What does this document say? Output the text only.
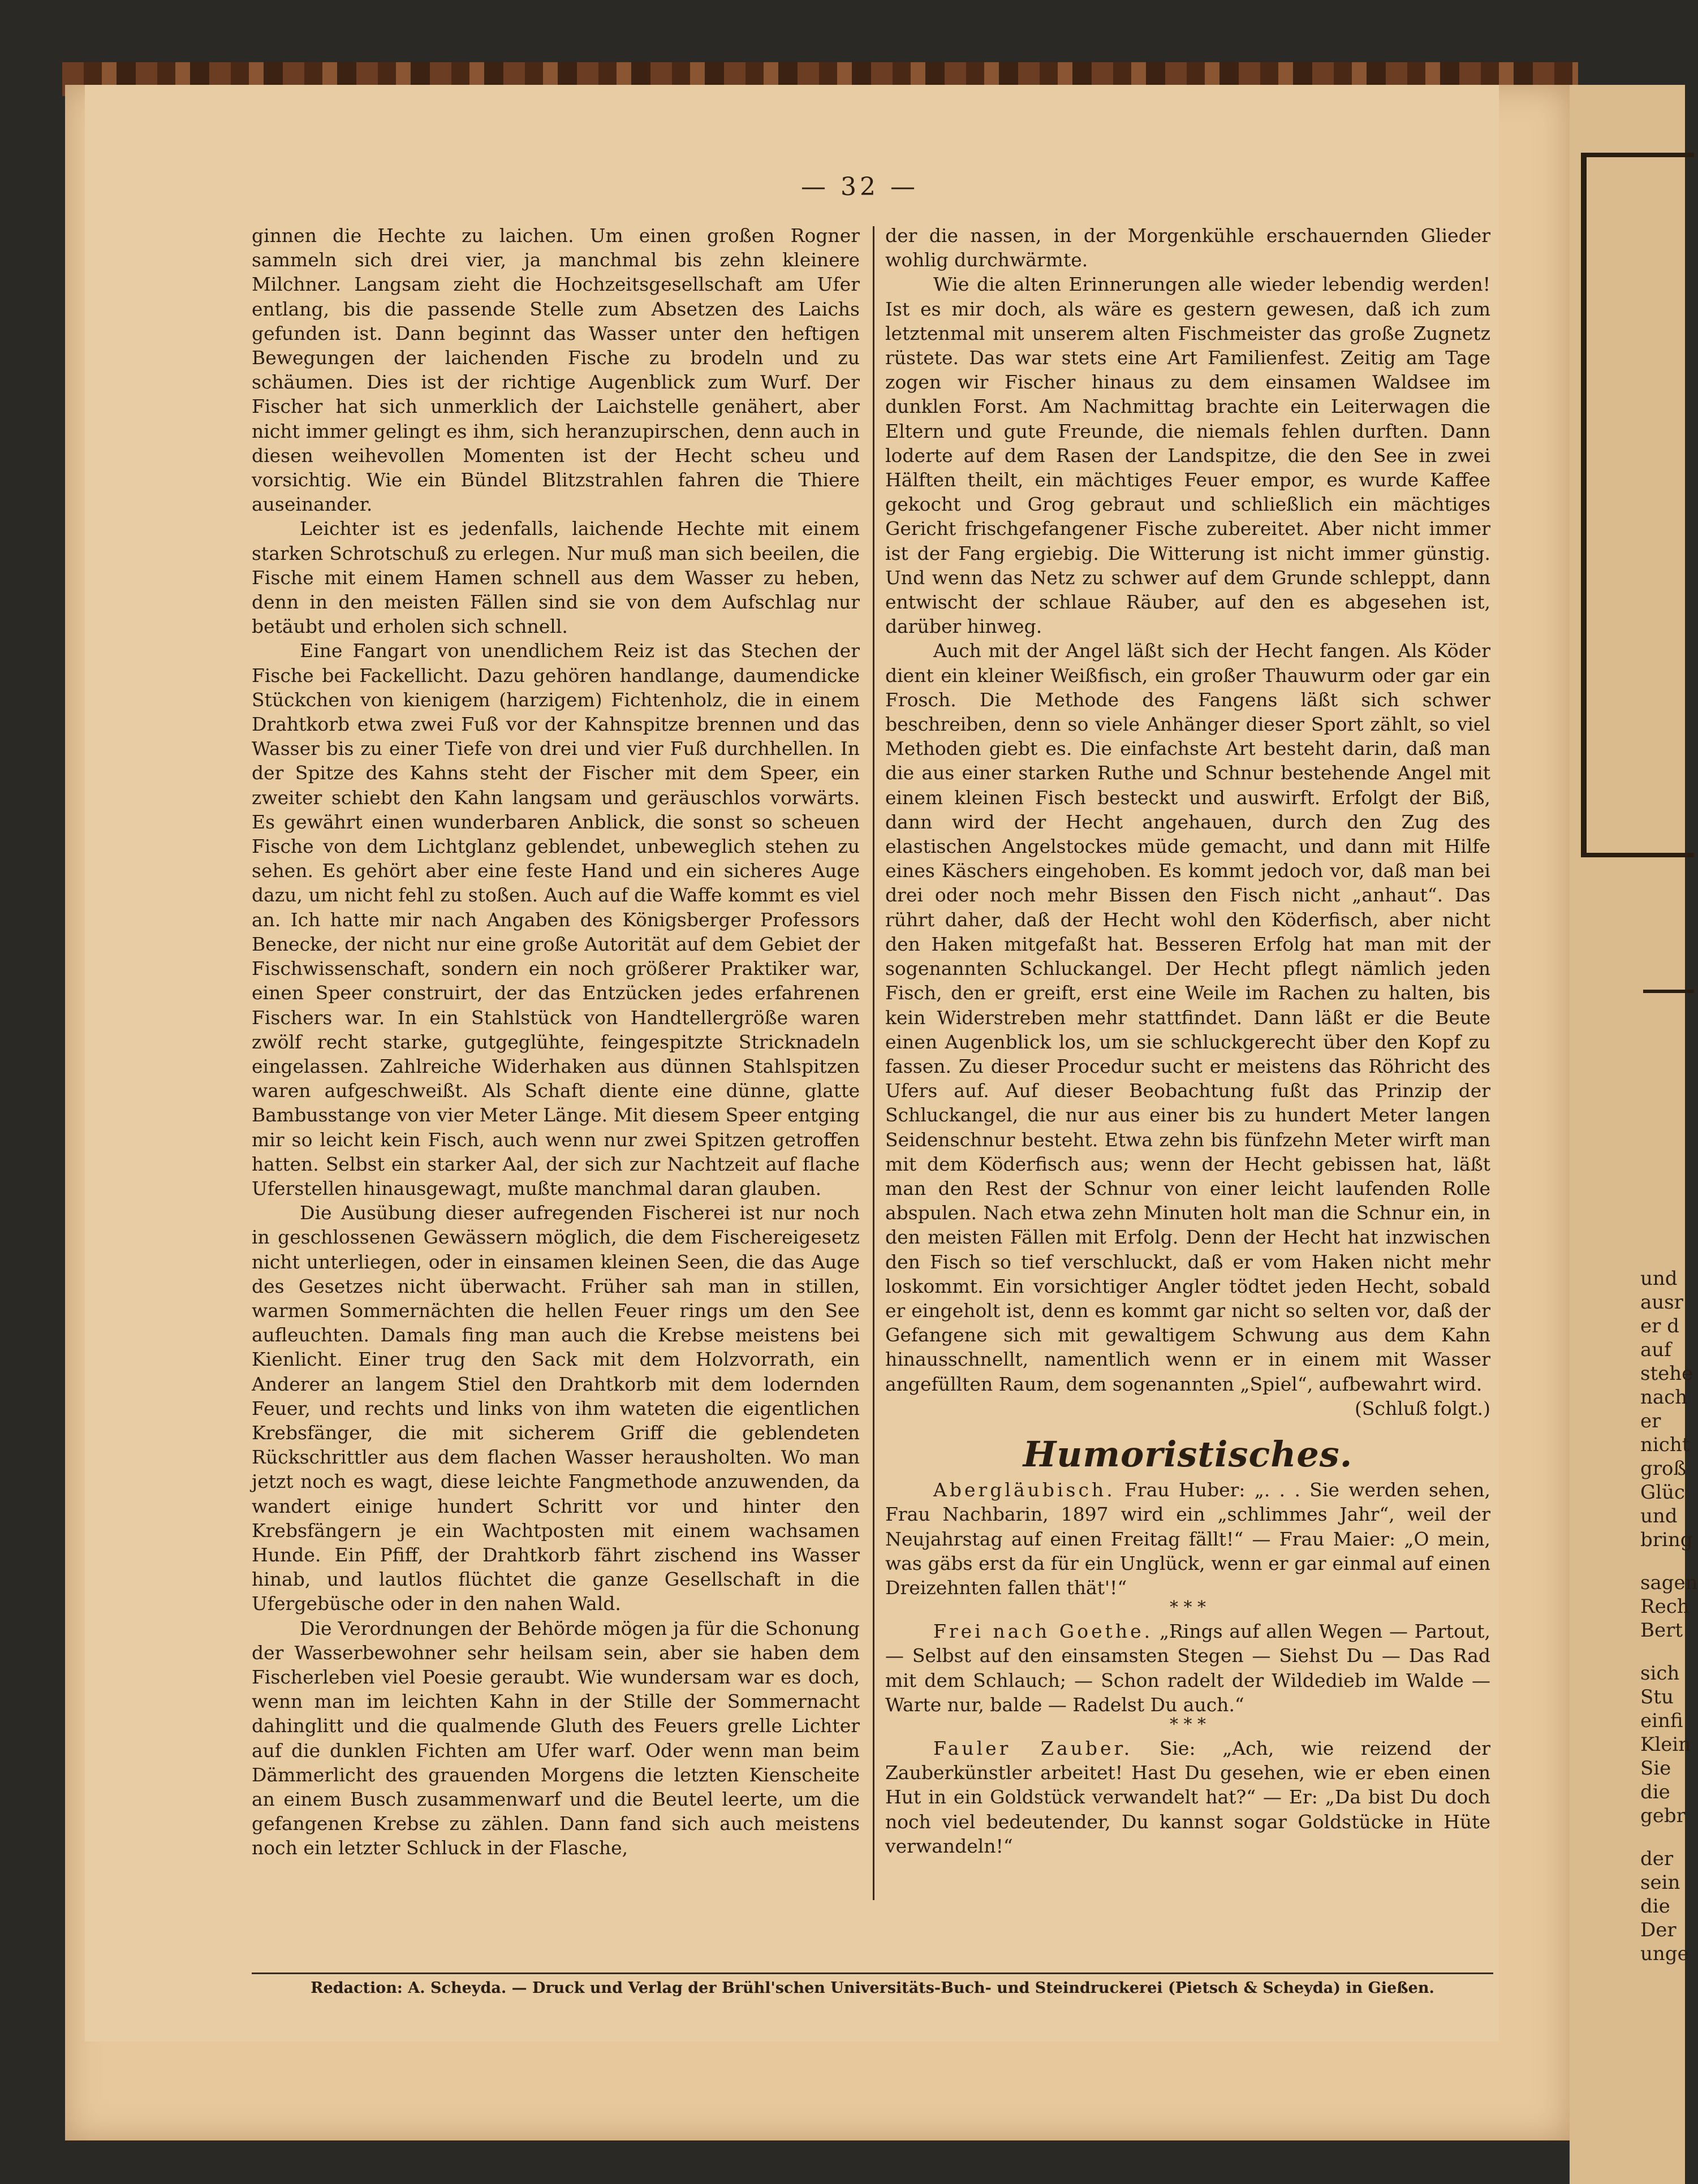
und
ausr
er d
auf
stehe
nach
er
nicht
groß
Glüc
und
bring
sagen
Rech
Bert
sich
Stu
einfi
Klein
Sie
die
gebr
der
sein
die
Der
unge
— 32 —

ginnen die Hechte zu laichen. Um einen großen Rogner sammeln sich drei vier, ja manchmal bis zehn kleinere Milchner. Langsam zieht die Hochzeitsgesellschaft am Ufer entlang, bis die passende Stelle zum Absetzen des Laichs gefunden ist. Dann beginnt das Wasser unter den heftigen Bewegungen der laichenden Fische zu brodeln und zu schäumen. Dies ist der richtige Augenblick zum Wurf. Der Fischer hat sich unmerklich der Laichstelle genähert, aber nicht immer gelingt es ihm, sich heranzupirschen, denn auch in diesen weihevollen Momenten ist der Hecht scheu und vorsichtig. Wie ein Bündel Blitzstrahlen fahren die Thiere auseinander.

Leichter ist es jedenfalls, laichende Hechte mit einem starken Schrotschuß zu erlegen. Nur muß man sich beeilen, die Fische mit einem Hamen schnell aus dem Wasser zu heben, denn in den meisten Fällen sind sie von dem Aufschlag nur betäubt und erholen sich schnell.

Eine Fangart von unendlichem Reiz ist das Stechen der Fische bei Fackellicht. Dazu gehören handlange, daumendicke Stückchen von kienigem (harzigem) Fichtenholz, die in einem Drahtkorb etwa zwei Fuß vor der Kahnspitze brennen und das Wasser bis zu einer Tiefe von drei und vier Fuß durchhellen. In der Spitze des Kahns steht der Fischer mit dem Speer, ein zweiter schiebt den Kahn langsam und geräuschlos vorwärts. Es gewährt einen wunderbaren Anblick, die sonst so scheuen Fische von dem Lichtglanz geblendet, unbeweglich stehen zu sehen. Es gehört aber eine feste Hand und ein sicheres Auge dazu, um nicht fehl zu stoßen. Auch auf die Waffe kommt es viel an. Ich hatte mir nach Angaben des Königsberger Professors Benecke, der nicht nur eine große Autorität auf dem Gebiet der Fischwissenschaft, sondern ein noch größerer Praktiker war, einen Speer construirt, der das Entzücken jedes erfahrenen Fischers war. In ein Stahlstück von Handtellergröße waren zwölf recht starke, gutgeglühte, feingespitzte Stricknadeln eingelassen. Zahlreiche Widerhaken aus dünnen Stahlspitzen waren aufgeschweißt. Als Schaft diente eine dünne, glatte Bambusstange von vier Meter Länge. Mit diesem Speer entging mir so leicht kein Fisch, auch wenn nur zwei Spitzen getroffen hatten. Selbst ein starker Aal, der sich zur Nachtzeit auf flache Uferstellen hinausgewagt, mußte manchmal daran glauben.

Die Ausübung dieser aufregenden Fischerei ist nur noch in geschlossenen Gewässern möglich, die dem Fischereigesetz nicht unterliegen, oder in einsamen kleinen Seen, die das Auge des Gesetzes nicht überwacht. Früher sah man in stillen, warmen Sommernächten die hellen Feuer rings um den See aufleuchten. Damals fing man auch die Krebse meistens bei Kienlicht. Einer trug den Sack mit dem Holzvorrath, ein Anderer an langem Stiel den Drahtkorb mit dem lodernden Feuer, und rechts und links von ihm wateten die eigentlichen Krebsfänger, die mit sicherem Griff die geblendeten Rückschrittler aus dem flachen Wasser herausholten. Wo man jetzt noch es wagt, diese leichte Fangmethode anzuwenden, da wandert einige hundert Schritt vor und hinter den Krebsfängern je ein Wachtposten mit einem wachsamen Hunde. Ein Pfiff, der Drahtkorb fährt zischend ins Wasser hinab, und lautlos flüchtet die ganze Gesellschaft in die Ufergebüsche oder in den nahen Wald.

Die Verordnungen der Behörde mögen ja für die Schonung der Wasserbewohner sehr heilsam sein, aber sie haben dem Fischerleben viel Poesie geraubt. Wie wundersam war es doch, wenn man im leichten Kahn in der Stille der Sommernacht dahinglitt und die qualmende Gluth des Feuers grelle Lichter auf die dunklen Fichten am Ufer warf. Oder wenn man beim Dämmerlicht des grauenden Morgens die letzten Kienscheite an einem Busch zusammenwarf und die Beutel leerte, um die gefangenen Krebse zu zählen. Dann fand sich auch meistens noch ein letzter Schluck in der Flasche,

der die nassen, in der Morgenkühle erschauernden Glieder wohlig durchwärmte.

Wie die alten Erinnerungen alle wieder lebendig werden! Ist es mir doch, als wäre es gestern gewesen, daß ich zum letztenmal mit unserem alten Fischmeister das große Zugnetz rüstete. Das war stets eine Art Familienfest. Zeitig am Tage zogen wir Fischer hinaus zu dem einsamen Waldsee im dunklen Forst. Am Nachmittag brachte ein Leiterwagen die Eltern und gute Freunde, die niemals fehlen durften. Dann loderte auf dem Rasen der Landspitze, die den See in zwei Hälften theilt, ein mächtiges Feuer empor, es wurde Kaffee gekocht und Grog gebraut und schließlich ein mächtiges Gericht frischgefangener Fische zubereitet. Aber nicht immer ist der Fang ergiebig. Die Witterung ist nicht immer günstig. Und wenn das Netz zu schwer auf dem Grunde schleppt, dann entwischt der schlaue Räuber, auf den es abgesehen ist, darüber hinweg.

Auch mit der Angel läßt sich der Hecht fangen. Als Köder dient ein kleiner Weißfisch, ein großer Thauwurm oder gar ein Frosch. Die Methode des Fangens läßt sich schwer beschreiben, denn so viele Anhänger dieser Sport zählt, so viel Methoden giebt es. Die einfachste Art besteht darin, daß man die aus einer starken Ruthe und Schnur bestehende Angel mit einem kleinen Fisch besteckt und auswirft. Erfolgt der Biß, dann wird der Hecht angehauen, durch den Zug des elastischen Angelstockes müde gemacht, und dann mit Hilfe eines Käschers eingehoben. Es kommt jedoch vor, daß man bei drei oder noch mehr Bissen den Fisch nicht „anhaut“. Das rührt daher, daß der Hecht wohl den Köderfisch, aber nicht den Haken mitgefaßt hat. Besseren Erfolg hat man mit der sogenannten Schluckangel. Der Hecht pflegt nämlich jeden Fisch, den er greift, erst eine Weile im Rachen zu halten, bis kein Widerstreben mehr stattfindet. Dann läßt er die Beute einen Augenblick los, um sie schluckgerecht über den Kopf zu fassen. Zu dieser Procedur sucht er meistens das Röhricht des Ufers auf. Auf dieser Beobachtung fußt das Prinzip der Schluckangel, die nur aus einer bis zu hundert Meter langen Seidenschnur besteht. Etwa zehn bis fünfzehn Meter wirft man mit dem Köderfisch aus; wenn der Hecht gebissen hat, läßt man den Rest der Schnur von einer leicht laufenden Rolle abspulen. Nach etwa zehn Minuten holt man die Schnur ein, in den meisten Fällen mit Erfolg. Denn der Hecht hat inzwischen den Fisch so tief verschluckt, daß er vom Haken nicht mehr loskommt. Ein vorsichtiger Angler tödtet jeden Hecht, sobald er eingeholt ist, denn es kommt gar nicht so selten vor, daß der Gefangene sich mit gewaltigem Schwung aus dem Kahn hinausschnellt, namentlich wenn er in einem mit Wasser angefüllten Raum, dem sogenannten „Spiel“, aufbewahrt wird.

(Schluß folgt.)

Humoristisches.

Abergläubisch. Frau Huber: „. . . Sie werden sehen, Frau Nachbarin, 1897 wird ein „schlimmes Jahr“, weil der Neujahrstag auf einen Freitag fällt!“ — Frau Maier: „O mein, was gäbs erst da für ein Unglück, wenn er gar einmal auf einen Dreizehnten fallen thät'!“

* * *

Frei nach Goethe. „Rings auf allen Wegen — Partout, — Selbst auf den einsamsten Stegen — Siehst Du — Das Rad mit dem Schlauch; — Schon radelt der Wildedieb im Walde — Warte nur, balde — Radelst Du auch.“

* * *

Fauler Zauber. Sie: „Ach, wie reizend der Zauberkünstler arbeitet! Hast Du gesehen, wie er eben einen Hut in ein Goldstück verwandelt hat?“ — Er: „Da bist Du doch noch viel bedeutender, Du kannst sogar Goldstücke in Hüte verwandeln!“

Redaction: A. Scheyda. — Druck und Verlag der Brühl'schen Universitäts-Buch- und Steindruckerei (Pietsch & Scheyda) in Gießen.
